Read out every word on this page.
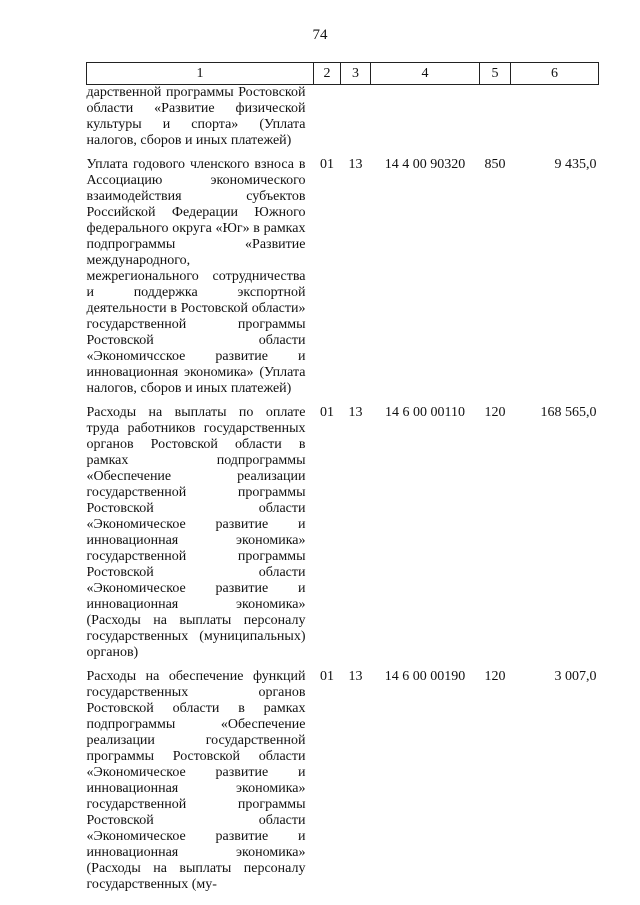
74
1	2	3	4	5	6
дарственной программы Ростовской области «Развитие физической культуры и спорта» (Уплата налогов, сборов и иных платежей)					

Уплата годового членского взноса в Ассоциацию экономического взаимодействия субъектов Российской Федерации Южного федерального округа «Юг» в рамках подпрограммы «Развитие международного, межрегионального сотрудничества и поддержка экспортной деятельности в Ростовской области» государственной программы Ростовской области «Экономичсское развитие и инновационная экономика» (Уплата налогов, сборов и иных платежей)	01	13	14 4 00 90320	850	9 435,0

Расходы на выплаты по оплате труда работников государственных органов Ростовской области в рамках подпрограммы «Обеспечение реализации государственной программы Ростовской области «Экономическое развитие и инновационная экономика» государственной программы Ростовской области «Экономическое развитие и инновационная экономика» (Расходы на выплаты персоналу государственных (муниципальных) органов)	01	13	14 6 00 00110	120	168 565,0

Расходы на обеспечение функций государственных органов Ростовской области в рамках подпрограммы «Обеспечение реализации государственной программы Ростовской области «Экономическое развитие и инновационная экономика» государственной программы Ростовской области «Экономическое развитие и инновационная экономика» (Расходы на выплаты персоналу государственных (му-	01	13	14 6 00 00190	120	3 007,0
